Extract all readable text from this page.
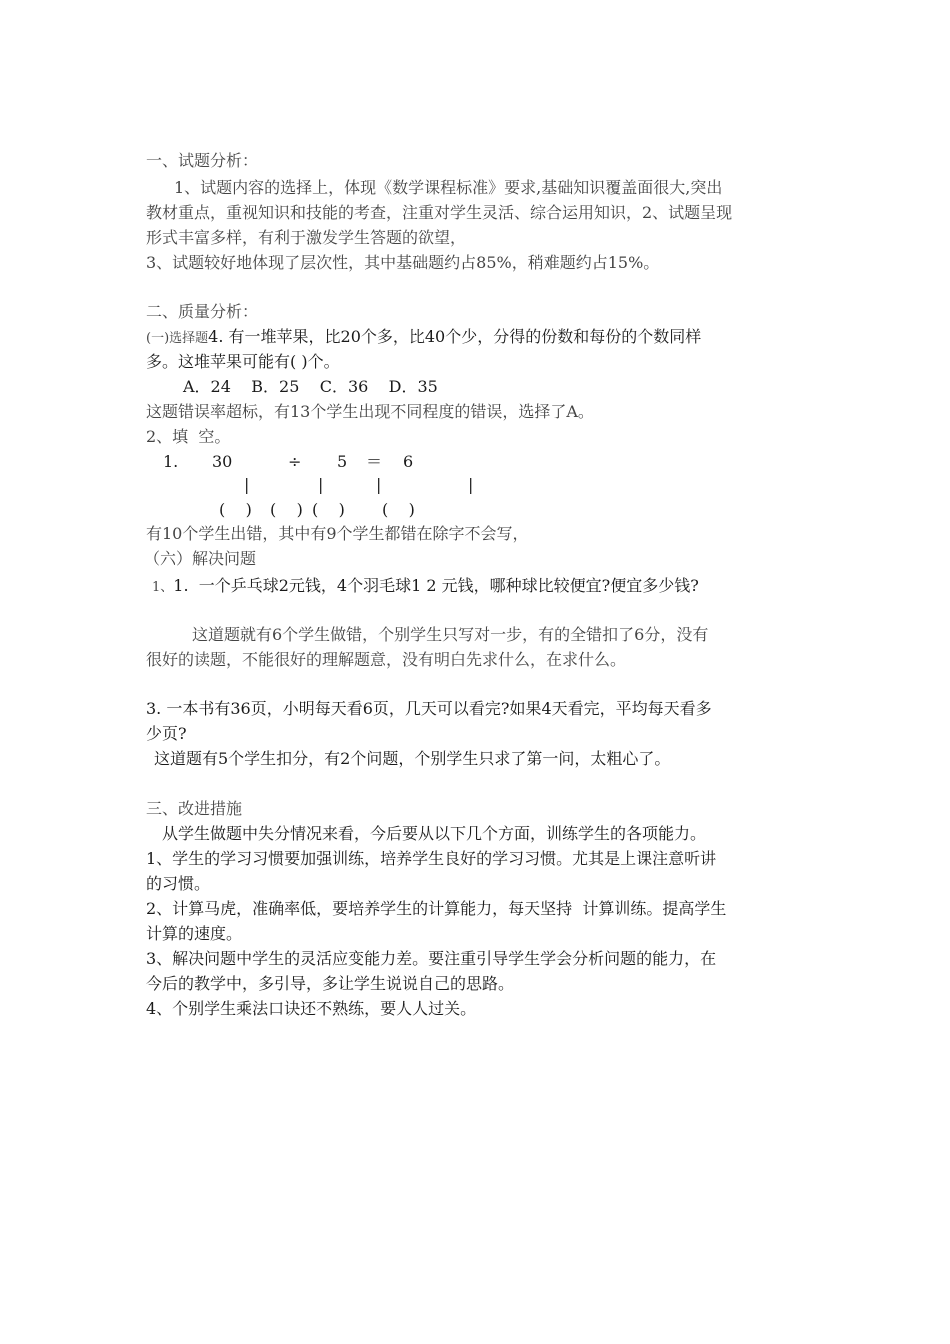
一、试题分析：
1、试题内容的选择上，体现《数学课程标准》要求,基础知识覆盖面很大,突出
教材重点，重视知识和技能的考查，注重对学生灵活、综合运用知识，2、试题呈现
形式丰富多样，有利于激发学生答题的欲望，
3、试题较好地体现了层次性，其中基础题约占85%，稍难题约占15%。
二、质量分析：
(一)选择题4. 有一堆苹果，比20个多，比40个少，分得的份数和每份的个数同样
多。这堆苹果可能有( )个。
A．24    B．25    C．36    D．35
这题错误率超标，有13个学生出现不同程度的错误，选择了A。
2、填  空。
1. 30	÷ 5 ＝ 6
|	|	|	|
(    ) (    ) (    ) (    )
有10个学生出错，其中有9个学生都错在除字不会写，
（六）解决问题
1、1.  一个乒乓球2元钱，4个羽毛球1 2 元钱，哪种球比较便宜?便宜多少钱?
这道题就有6个学生做错，个别学生只写对一步，有的全错扣了6分，没有
很好的读题，不能很好的理解题意，没有明白先求什么，在求什么。
3. 一本书有36页，小明每天看6页，几天可以看完?如果4天看完，平均每天看多
少页?
这道题有5个学生扣分，有2个问题，个别学生只求了第一问，太粗心了。
三、改进措施
从学生做题中失分情况来看，今后要从以下几个方面，训练学生的各项能力。
1、学生的学习习惯要加强训练，培养学生良好的学习习惯。尤其是上课注意听讲
的习惯。
2、计算马虎，准确率低，要培养学生的计算能力，每天坚持  计算训练。提高学生
计算的速度。
3、解决问题中学生的灵活应变能力差。要注重引导学生学会分析问题的能力，在
今后的教学中，多引导，多让学生说说自己的思路。
4、个别学生乘法口诀还不熟练，要人人过关。
